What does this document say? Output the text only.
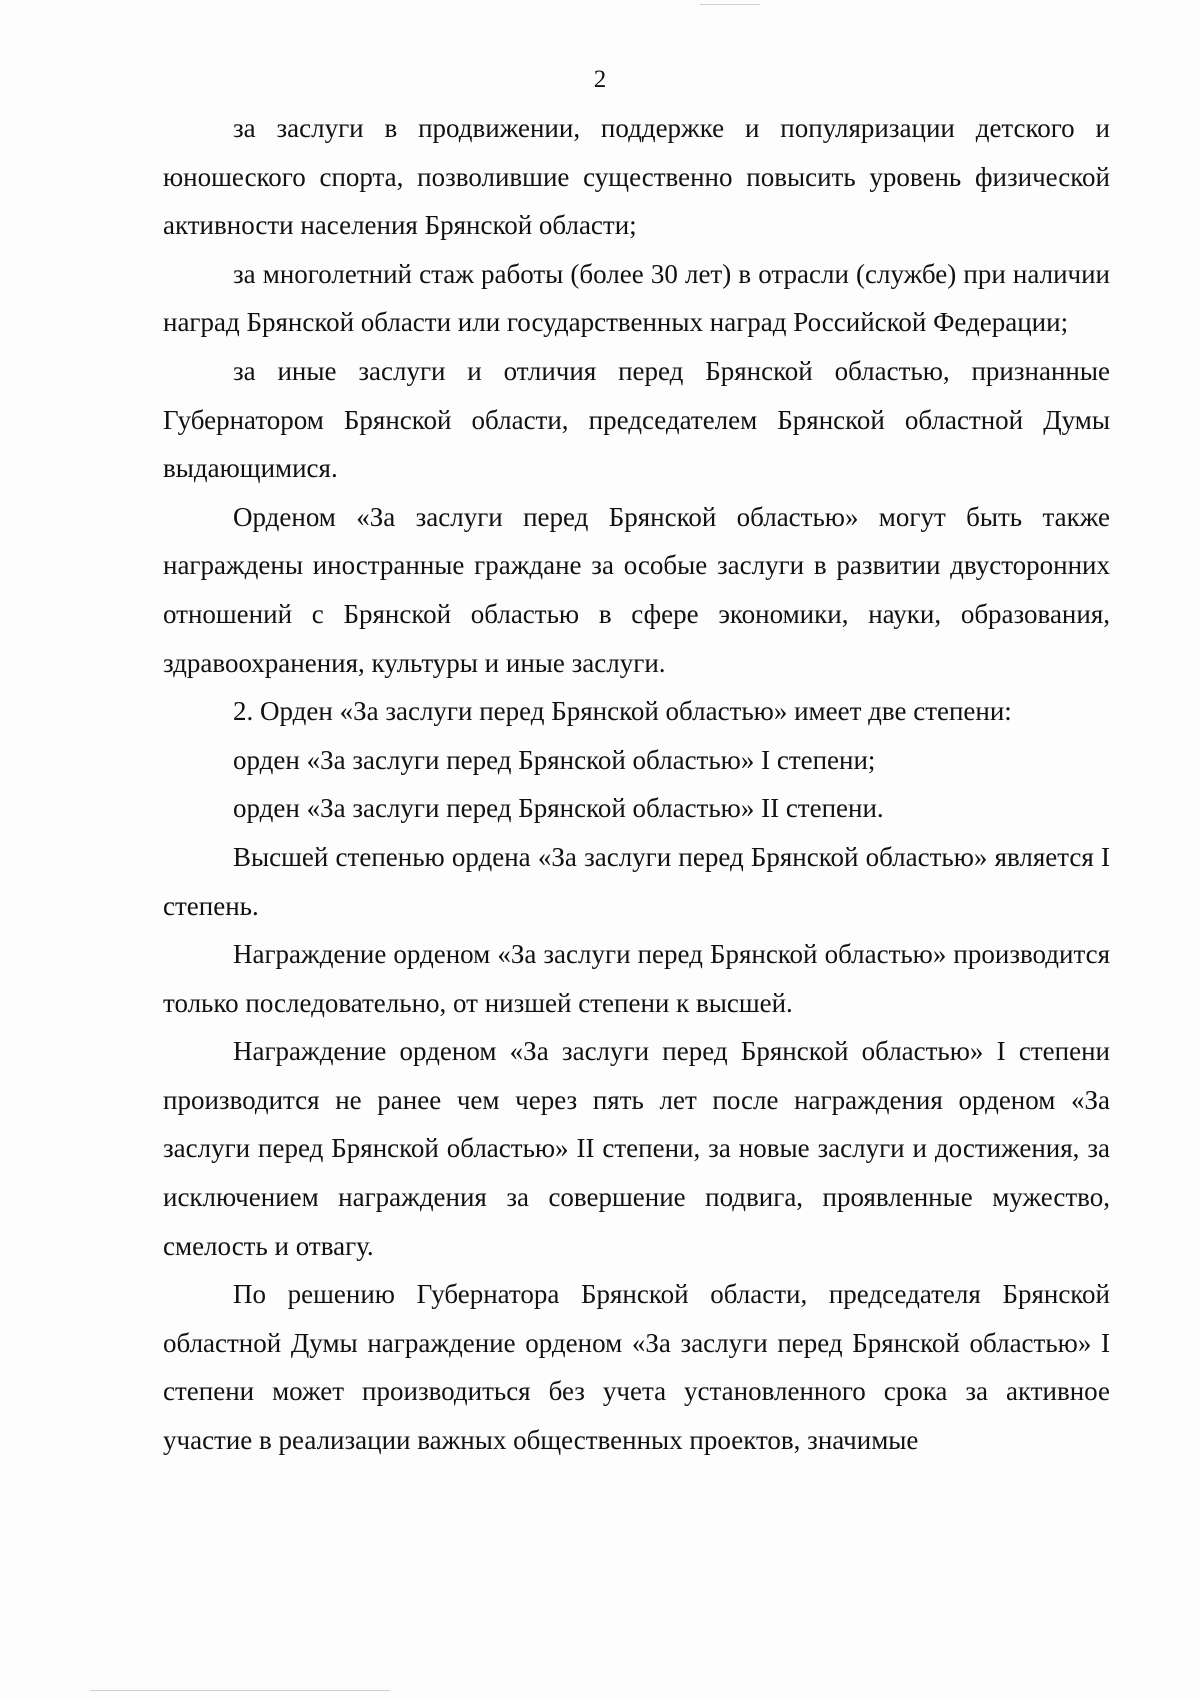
2

за заслуги в продвижении, поддержке и популяризации детского и юношеского спорта, позволившие существенно повысить уровень физической активности населения Брянской области;

за многолетний стаж работы (более 30 лет) в отрасли (службе) при наличии наград Брянской области или государственных наград Российской Федерации;

за иные заслуги и отличия перед Брянской областью, признанные Губернатором Брянской области, председателем Брянской областной Думы выдающимися.

Орденом «За заслуги перед Брянской областью» могут быть также награждены иностранные граждане за особые заслуги в развитии двусторонних отношений с Брянской областью в сфере экономики, науки, образования, здравоохранения, культуры и иные заслуги.

2. Орден «За заслуги перед Брянской областью» имеет две степени:

орден «За заслуги перед Брянской областью» I степени;

орден «За заслуги перед Брянской областью» II степени.

Высшей степенью ордена «За заслуги перед Брянской областью» является I степень.

Награждение орденом «За заслуги перед Брянской областью» производится только последовательно, от низшей степени к высшей.

Награждение орденом «За заслуги перед Брянской областью» I степени производится не ранее чем через пять лет после награждения орденом «За заслуги перед Брянской областью» II степени, за новые заслуги и достижения, за исключением награждения за совершение подвига, проявленные мужество, смелость и отвагу.

По решению Губернатора Брянской области, председателя Брянской областной Думы награждение орденом «За заслуги перед Брянской областью» I степени может производиться без учета установленного срока за активное участие в реализации важных общественных проектов, значимые
